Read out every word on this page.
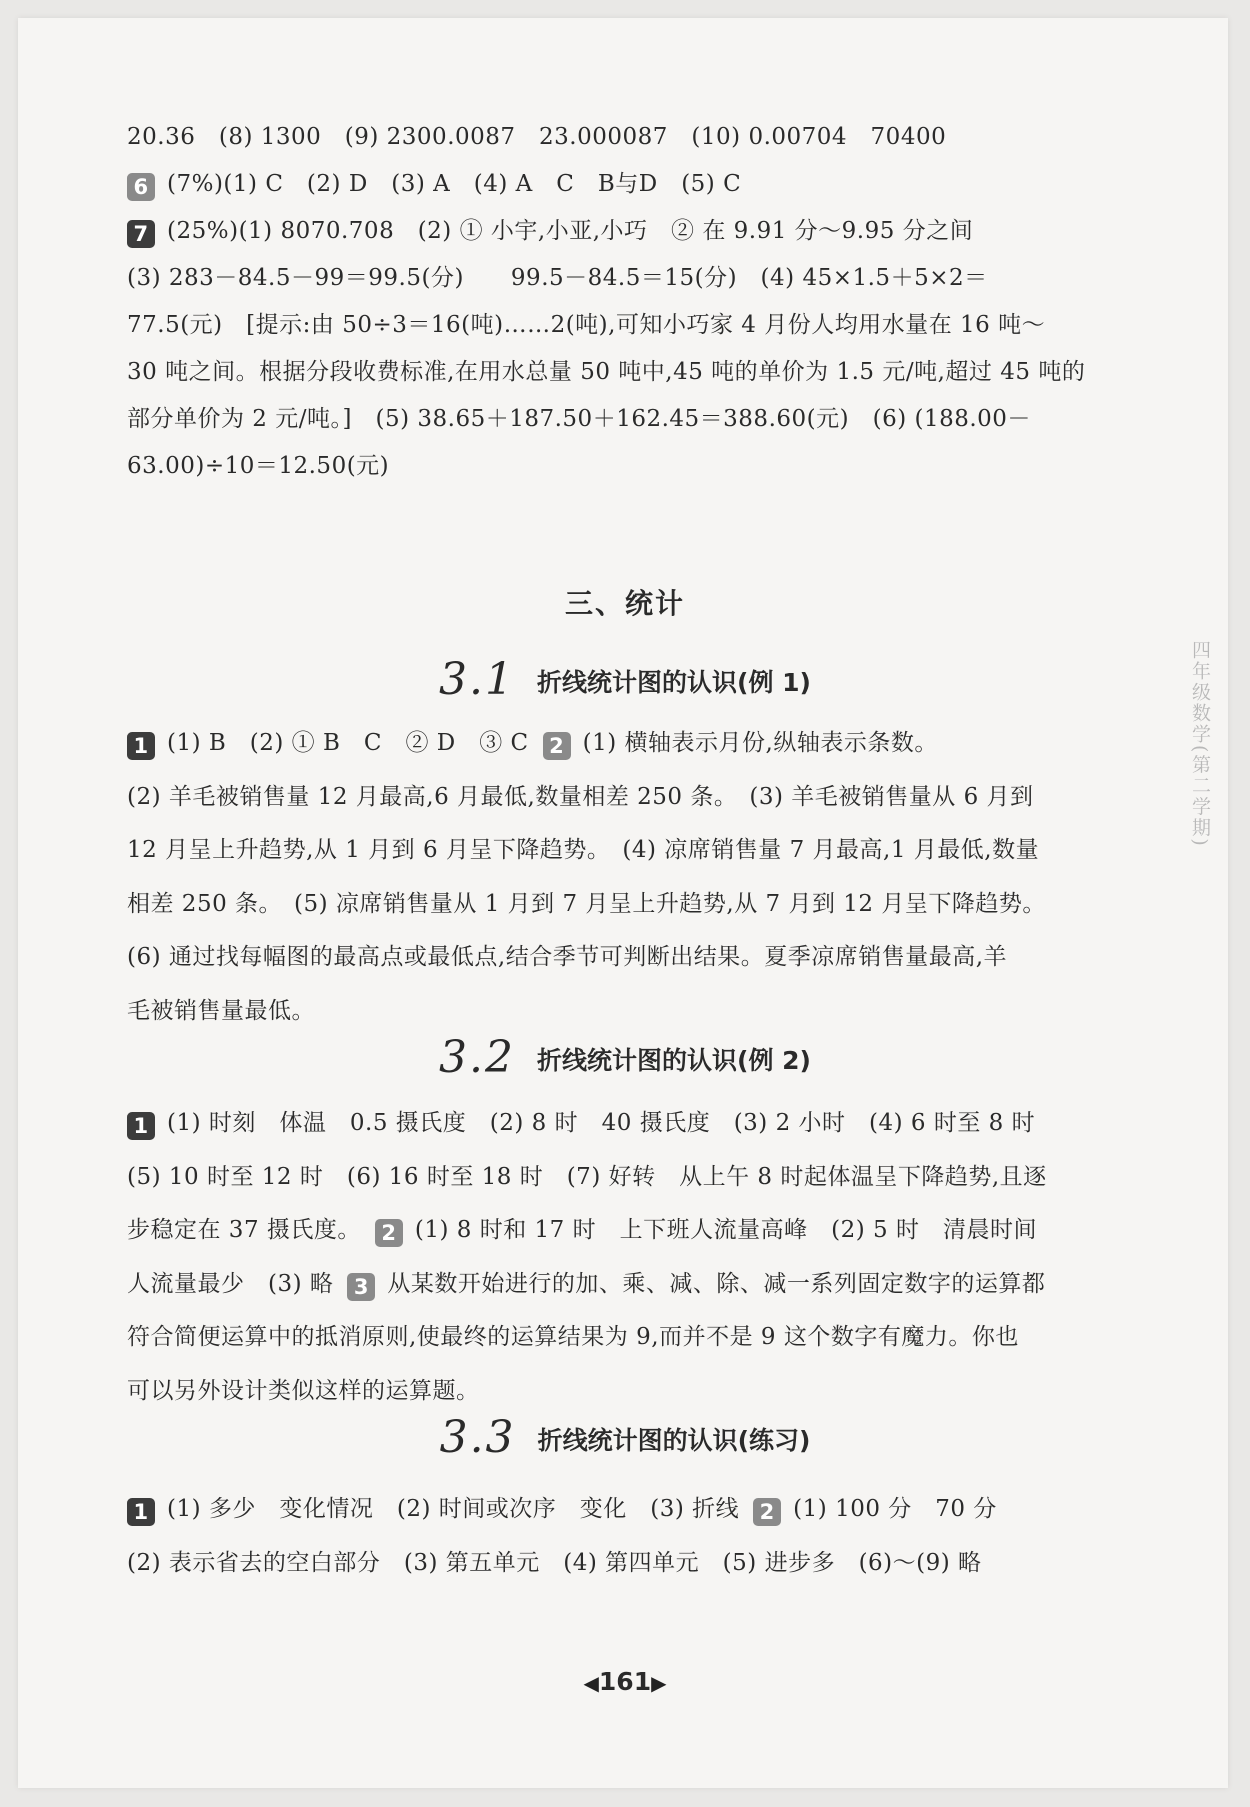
20.36　(8) 1300　(9) 2300.0087　23.000087　(10) 0.00704　70400
6 (7%)(1) C　(2) D　(3) A　(4) A　C　B与D　(5) C
7 (25%)(1) 8070.708　(2) ① 小宇,小亚,小巧　② 在 9.91 分～9.95 分之间
(3) 283－84.5－99＝99.5(分)　　99.5－84.5＝15(分)　(4) 45×1.5＋5×2＝
77.5(元)　[提示:由 50÷3＝16(吨)……2(吨),可知小巧家 4 月份人均用水量在 16 吨～
30 吨之间。根据分段收费标准,在用水总量 50 吨中,45 吨的单价为 1.5 元/吨,超过 45 吨的
部分单价为 2 元/吨。]　(5) 38.65＋187.50＋162.45＝388.60(元)　(6) (188.00－
63.00)÷10＝12.50(元)
三、统计
3.1 折线统计图的认识(例 1)
1 (1) B　(2) ① B　C　② D　③ C 2 (1) 横轴表示月份,纵轴表示条数。
(2) 羊毛被销售量 12 月最高,6 月最低,数量相差 250 条。　(3) 羊毛被销售量从 6 月到
12 月呈上升趋势,从 1 月到 6 月呈下降趋势。　(4) 凉席销售量 7 月最高,1 月最低,数量
相差 250 条。　(5) 凉席销售量从 1 月到 7 月呈上升趋势,从 7 月到 12 月呈下降趋势。
(6) 通过找每幅图的最高点或最低点,结合季节可判断出结果。夏季凉席销售量最高,羊
毛被销售量最低。
3.2 折线统计图的认识(例 2)
1 (1) 时刻　体温　0.5 摄氏度　(2) 8 时　40 摄氏度　(3) 2 小时　(4) 6 时至 8 时
(5) 10 时至 12 时　(6) 16 时至 18 时　(7) 好转　从上午 8 时起体温呈下降趋势,且逐
步稳定在 37 摄氏度。 2 (1) 8 时和 17 时　上下班人流量高峰　(2) 5 时　清晨时间
人流量最少　(3) 略 3 从某数开始进行的加、乘、减、除、减一系列固定数字的运算都
符合简便运算中的抵消原则,使最终的运算结果为 9,而并不是 9 这个数字有魔力。你也
可以另外设计类似这样的运算题。
3.3 折线统计图的认识(练习)
1 (1) 多少　变化情况　(2) 时间或次序　变化　(3) 折线 2 (1) 100 分　70 分
(2) 表示省去的空白部分　(3) 第五单元　(4) 第四单元　(5) 进步多　(6)～(9) 略
四年级数学(第二学期)
◀161▶
